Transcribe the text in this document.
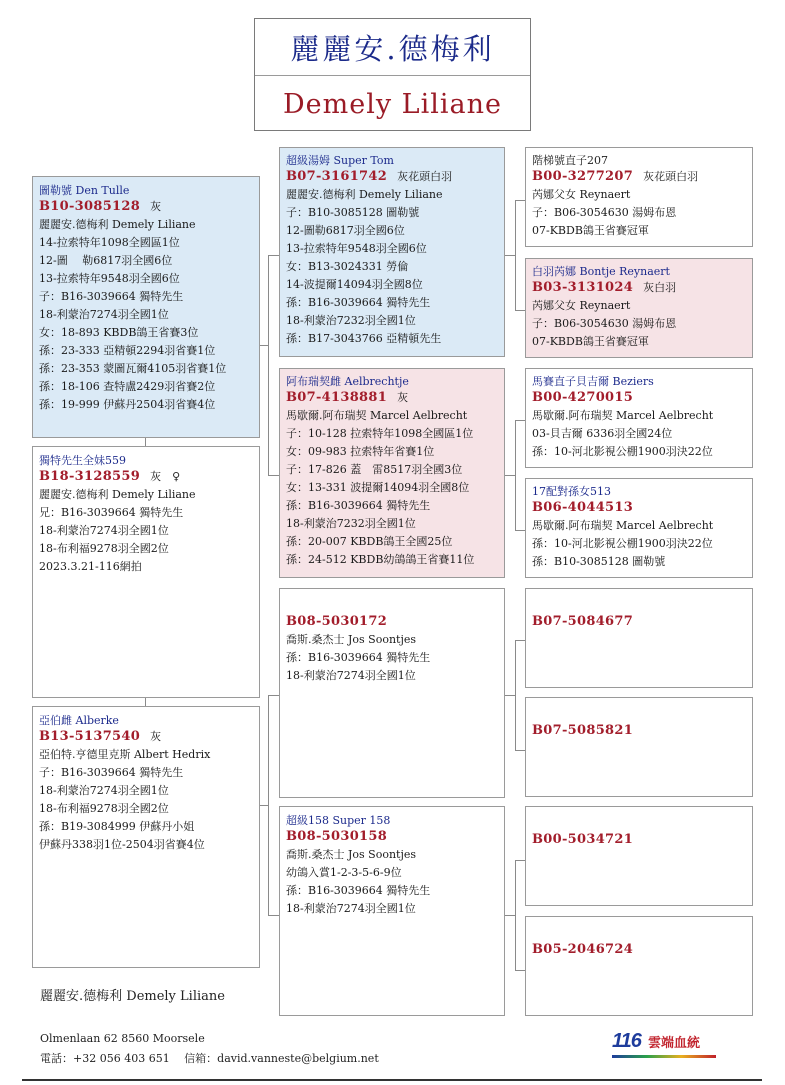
麗麗安.德梅利
Demely Liliane
圖勒號 Den Tulle
B10-3085128 灰
麗麗安.德梅利 Demely Liliane
14-拉索特年1098全國區1位
12-圖　 勒6817羽全國6位
13-拉索特年9548羽全國6位
子：B16-3039664 獨特先生
18-利蒙治7274羽全國1位
女：18-893 KBDB鴿王省賽3位
孫：23-333 亞精頓2294羽省賽1位
孫：23-353 蒙圖瓦爾4105羽省賽1位
孫：18-106 查特盧2429羽省賽2位
孫：19-999 伊蘇丹2504羽省賽4位
獨特先生全妹559
B18-3128559 灰　♀
麗麗安.德梅利 Demely Liliane
兄：B16-3039664 獨特先生
18-利蒙治7274羽全國1位
18-布利福9278羽全國2位
2023.3.21-116網拍
亞伯雌 Alberke
B13-5137540 灰
亞伯特.亨德里克斯 Albert Hedrix
子：B16-3039664 獨特先生
18-利蒙治7274羽全國1位
18-布利福9278羽全國2位
孫：B19-3084999 伊蘇丹小姐
伊蘇丹338羽1位-2504羽省賽4位
超級湯姆 Super Tom
B07-3161742 灰花頭白羽
麗麗安.德梅利 Demely Liliane
子：B10-3085128 圖勒號
12-圖勒6817羽全國6位
13-拉索特年9548羽全國6位
女：B13-3024331 勞倫
14-波提爾14094羽全國8位
孫：B16-3039664 獨特先生
18-利蒙治7232羽全國1位
孫：B17-3043766 亞精頓先生
阿布瑞契雌 Aelbrechtje
B07-4138881 灰
馬歇爾.阿布瑞契 Marcel Aelbrecht
子：10-128 拉索特年1098全國區1位
女：09-983 拉索特年省賽1位
子：17-826 蓋　雷8517羽全國3位
女：13-331 波提爾14094羽全國8位
孫：B16-3039664 獨特先生
18-利蒙治7232羽全國1位
孫：20-007 KBDB鴿王全國25位
孫：24-512 KBDB幼鴿鴿王省賽11位
B08-5030172
喬斯.桑杰士 Jos Soontjes
孫：B16-3039664 獨特先生
18-利蒙治7274羽全國1位
超級158 Super 158
B08-5030158
喬斯.桑杰士 Jos Soontjes
幼鴿入賞1-2-3-5-6-9位
孫：B16-3039664 獨特先生
18-利蒙治7274羽全國1位
階梯號直子207
B00-3277207 灰花頭白羽
芮娜父女 Reynaert
子：B06-3054630 湯姆布恩
07-KBDB鴿王省賽冠軍
白羽芮娜 Bontje Reynaert
B03-3131024 灰白羽
芮娜父女 Reynaert
子：B06-3054630 湯姆布恩
07-KBDB鴿王省賽冠軍
馬賽直子貝吉爾 Beziers
B00-4270015
馬歇爾.阿布瑞契 Marcel Aelbrecht
03-貝吉爾 6336羽全國24位
孫：10-河北影視公棚1900羽決22位
17配對孫女513
B06-4044513
馬歇爾.阿布瑞契 Marcel Aelbrecht
孫：10-河北影視公棚1900羽決22位
孫：B10-3085128 圖勒號
B07-5084677
B07-5085821
B00-5034721
B05-2046724
麗麗安.德梅利 Demely Liliane
Olmenlaan 62 8560 Moorsele
電話：+32 056 403 651　 信箱：david.vanneste@belgium.net
116 雲端血統
